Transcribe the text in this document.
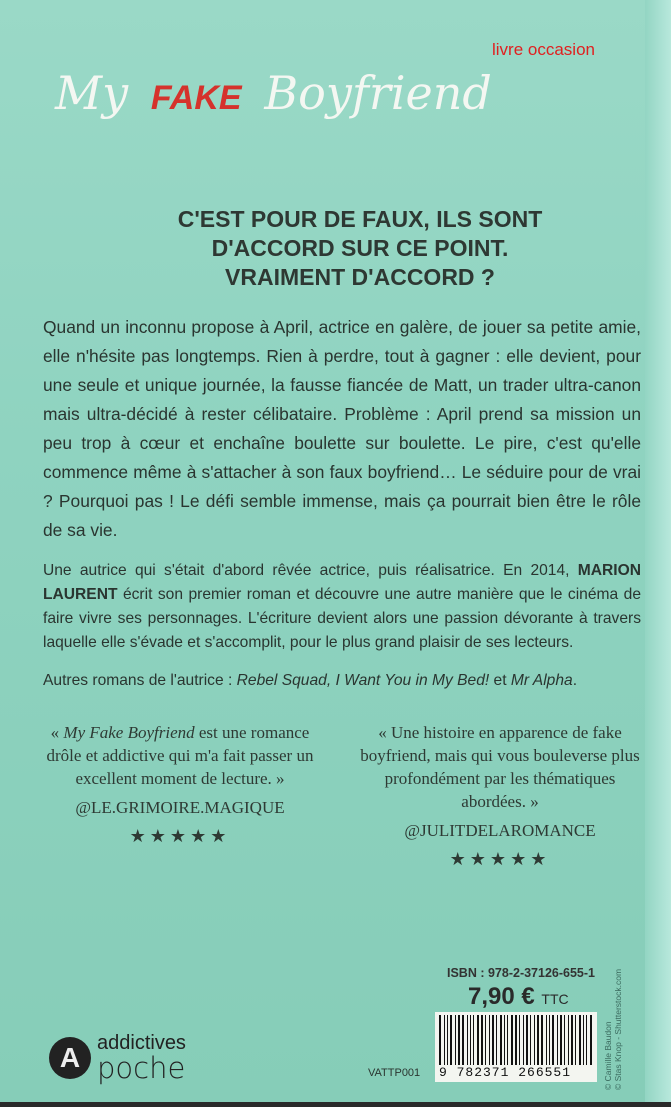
My FAKE Boyfriend
livre occasion
C'EST POUR DE FAUX, ILS SONT
D'ACCORD SUR CE POINT.
VRAIMENT D'ACCORD ?

Quand un inconnu propose à April, actrice en galère, de jouer sa petite amie, elle n'hésite pas longtemps. Rien à perdre, tout à gagner : elle devient, pour une seule et unique journée, la fausse fiancée de Matt, un trader ultra-canon mais ultra-décidé à rester célibataire. Problème : April prend sa mission un peu trop à cœur et enchaîne boulette sur boulette. Le pire, c'est qu'elle commence même à s'attacher à son faux boyfriend… Le séduire pour de vrai ? Pourquoi pas ! Le défi semble immense, mais ça pourrait bien être le rôle de sa vie.

Une autrice qui s'était d'abord rêvée actrice, puis réalisatrice. En 2014, MARION LAURENT écrit son premier roman et découvre une autre manière que le cinéma de faire vivre ses personnages. L'écriture devient alors une passion dévorante à travers laquelle elle s'évade et s'accomplit, pour le plus grand plaisir de ses lecteurs.

Autres romans de l'autrice : Rebel Squad, I Want You in My Bed! et Mr Alpha.

« My Fake Boyfriend est une romance drôle et addictive qui m'a fait passer un excellent moment de lecture. »
@LE.GRIMOIRE.MAGIQUE
★★★★★
« Une histoire en apparence de fake boyfriend, mais qui vous bouleverse plus profondément par les thématiques abordées. »
@JULITDELAROMANCE
★★★★★
ISBN : 978-2-37126-655-1
7,90 € TTC
9 782371 266551
VATTP001	© Camille Baudon © Stas Knop - Shutterstock.com
A addictives
poche
